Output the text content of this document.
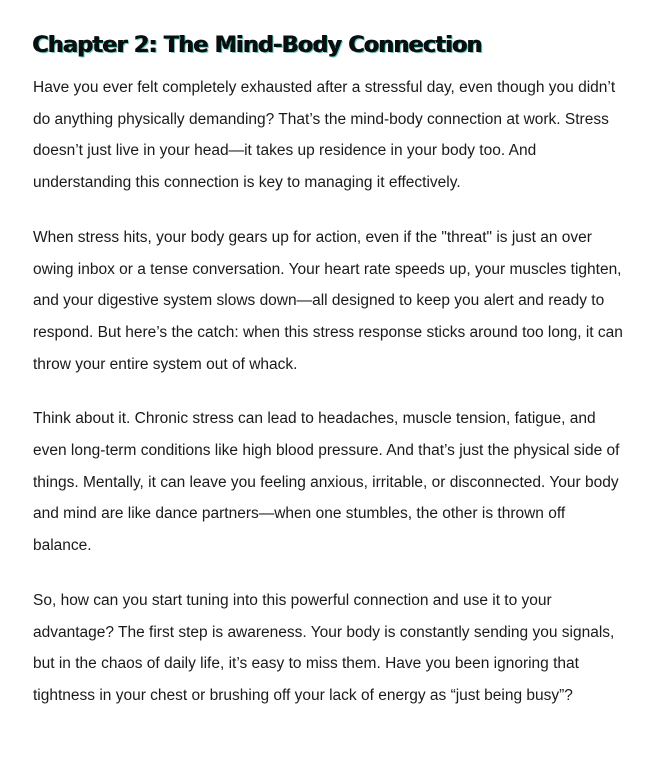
Chapter 2: The Mind-Body Connection

Have you ever felt completely exhausted after a stressful day, even though you didn’t do anything physically demanding? That’s the mind-body connection at work. Stress doesn’t just live in your head—it takes up residence in your body too. And understanding this connection is key to managing it effectively.

When stress hits, your body gears up for action, even if the "threat" is just an over owing inbox or a tense conversation. Your heart rate speeds up, your muscles tighten, and your digestive system slows down—all designed to keep you alert and ready to respond. But here’s the catch: when this stress response sticks around too long, it can throw your entire system out of whack.

Think about it. Chronic stress can lead to headaches, muscle tension, fatigue, and even long-term conditions like high blood pressure. And that’s just the physical side of things. Mentally, it can leave you feeling anxious, irritable, or disconnected. Your body and mind are like dance partners—when one stumbles, the other is thrown off balance.

So, how can you start tuning into this powerful connection and use it to your advantage? The first step is awareness. Your body is constantly sending you signals, but in the chaos of daily life, it’s easy to miss them. Have you been ignoring that tightness in your chest or brushing off your lack of energy as “just being busy”?
